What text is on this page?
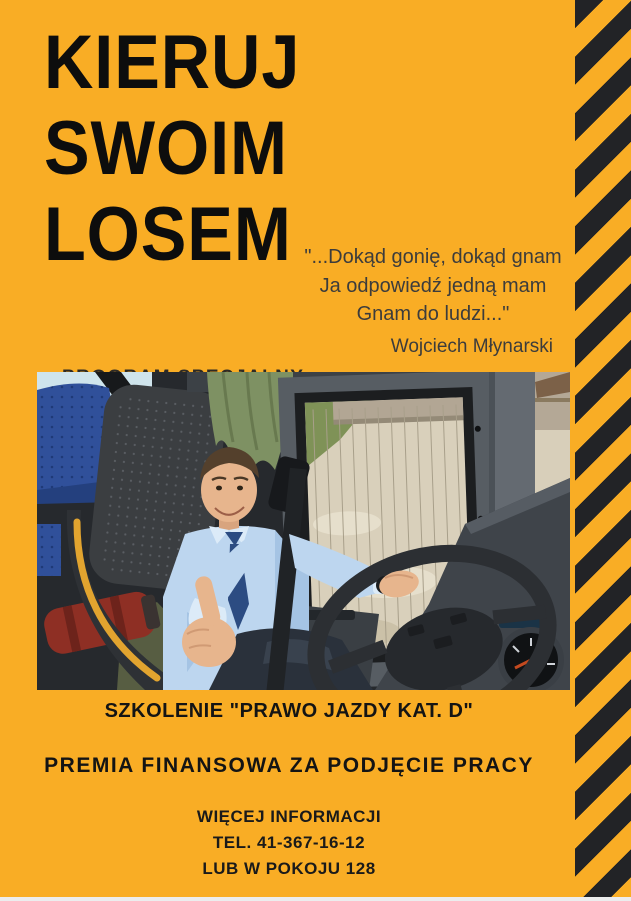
KIERUJ
SWOIM
LOSEM "...Dokąd gonię, dokąd gnam
Ja odpowiedź jedną mam
Gnam do ludzi..."
Wojciech Młynarski

SZKOLENIE "PRAWO JAZDY KAT. D"
PREMIA FINANSOWA ZA PODJĘCIE PRACY
WIĘCEJ INFORMACJI
TEL. 41-367-16-12
LUB W POKOJU 128
